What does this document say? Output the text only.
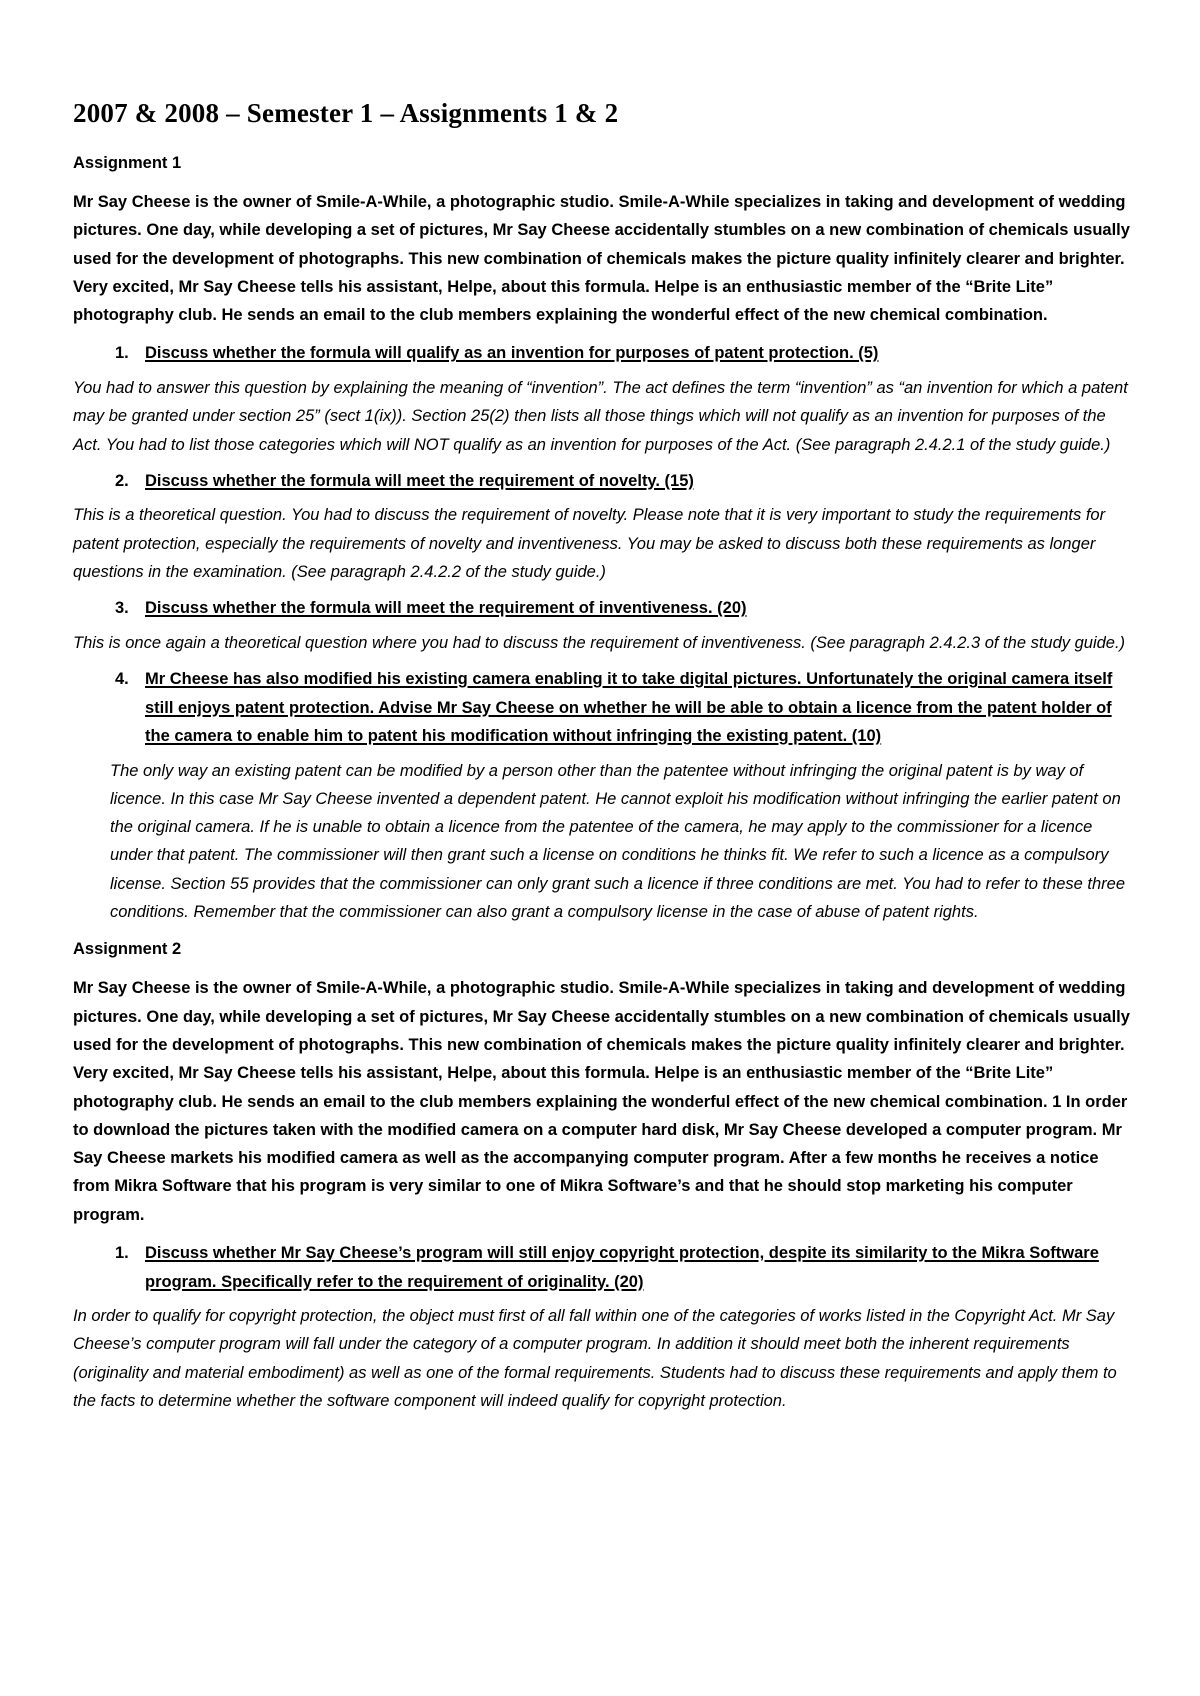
2007 & 2008 – Semester 1 – Assignments 1 & 2
Assignment 1

Mr Say Cheese is the owner of Smile-A-While, a photographic studio. Smile-A-While specializes in taking and development of wedding pictures. One day, while developing a set of pictures, Mr Say Cheese accidentally stumbles on a new combination of chemicals usually used for the development of photographs. This new combination of chemicals makes the picture quality infinitely clearer and brighter. Very excited, Mr Say Cheese tells his assistant, Helpe, about this formula. Helpe is an enthusiastic member of the “Brite Lite” photography club. He sends an email to the club members explaining the wonderful effect of the new chemical combination.

1. Discuss whether the formula will qualify as an invention for purposes of patent protection. (5)

You had to answer this question by explaining the meaning of “invention”. The act defines the term “invention” as “an invention for which a patent may be granted under section 25” (sect 1(ix)). Section 25(2) then lists all those things which will not qualify as an invention for purposes of the Act. You had to list those categories which will NOT qualify as an invention for purposes of the Act. (See paragraph 2.4.2.1 of the study guide.)

2. Discuss whether the formula will meet the requirement of novelty. (15)

This is a theoretical question. You had to discuss the requirement of novelty. Please note that it is very important to study the requirements for patent protection, especially the requirements of novelty and inventiveness. You may be asked to discuss both these requirements as longer questions in the examination. (See paragraph 2.4.2.2 of the study guide.)

3. Discuss whether the formula will meet the requirement of inventiveness. (20)

This is once again a theoretical question where you had to discuss the requirement of inventiveness. (See paragraph 2.4.2.3 of the study guide.)

4. Mr Cheese has also modified his existing camera enabling it to take digital pictures. Unfortunately the original camera itself still enjoys patent protection. Advise Mr Say Cheese on whether he will be able to obtain a licence from the patent holder of the camera to enable him to patent his modification without infringing the existing patent. (10)

The only way an existing patent can be modified by a person other than the patentee without infringing the original patent is by way of licence. In this case Mr Say Cheese invented a dependent patent. He cannot exploit his modification without infringing the earlier patent on the original camera. If he is unable to obtain a licence from the patentee of the camera, he may apply to the commissioner for a licence under that patent. The commissioner will then grant such a license on conditions he thinks fit. We refer to such a licence as a compulsory license. Section 55 provides that the commissioner can only grant such a licence if three conditions are met. You had to refer to these three conditions. Remember that the commissioner can also grant a compulsory license in the case of abuse of patent rights.

Assignment 2

Mr Say Cheese is the owner of Smile-A-While, a photographic studio. Smile-A-While specializes in taking and development of wedding pictures. One day, while developing a set of pictures, Mr Say Cheese accidentally stumbles on a new combination of chemicals usually used for the development of photographs. This new combination of chemicals makes the picture quality infinitely clearer and brighter. Very excited, Mr Say Cheese tells his assistant, Helpe, about this formula. Helpe is an enthusiastic member of the “Brite Lite” photography club. He sends an email to the club members explaining the wonderful effect of the new chemical combination. 1 In order to download the pictures taken with the modified camera on a computer hard disk, Mr Say Cheese developed a computer program. Mr Say Cheese markets his modified camera as well as the accompanying computer program. After a few months he receives a notice from Mikra Software that his program is very similar to one of Mikra Software’s and that he should stop marketing his computer program.

1. Discuss whether Mr Say Cheese’s program will still enjoy copyright protection, despite its similarity to the Mikra Software program. Specifically refer to the requirement of originality. (20)

In order to qualify for copyright protection, the object must first of all fall within one of the categories of works listed in the Copyright Act. Mr Say Cheese’s computer program will fall under the category of a computer program. In addition it should meet both the inherent requirements (originality and material embodiment) as well as one of the formal requirements. Students had to discuss these requirements and apply them to the facts to determine whether the software component will indeed qualify for copyright protection.
